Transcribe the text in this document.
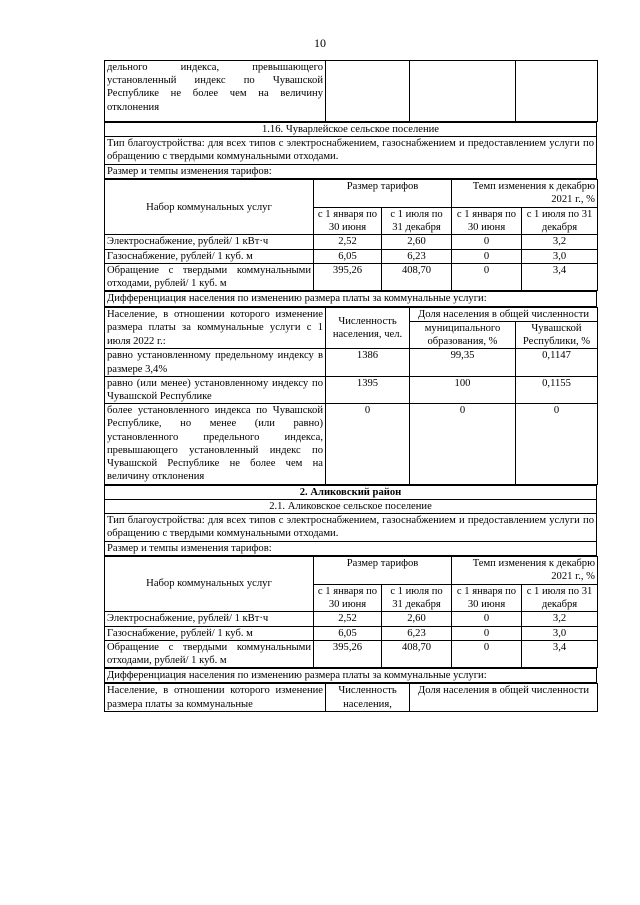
10
дельного индекса, превышающего установленный индекс по Чувашской Республике не более чем на величину отклонения			
1.16. Чуварлейское сельское поселение
Тип благоустройства: для всех типов с электроснабжением, газоснабжением и предоставлением услуги по обращению с твердыми коммунальными отходами.
Размер и темпы изменения тарифов:
Набор коммунальных услуг	Размер тарифов		Темп изменения к декабрю 2021 г., %	
	с 1 января по 30 июня	с 1 июля по 31 декабря	с 1 января по 30 июня	с 1 июля по 31 декабря
Электроснабжение, рублей/ 1 кВт·ч	2,52	2,60	0	3,2
Газоснабжение, рублей/ 1 куб. м	6,05	6,23	0	3,0
Обращение с твердыми коммунальными отходами, рублей/ 1 куб. м	395,26	408,70	0	3,4
Дифференциация населения по изменению размера платы за коммунальные услуги:
Население, в отношении которого изменение размера платы за коммунальные услуги с 1 июля 2022 г.:	Численность населения, чел.	Доля населения в общей численности	
		муниципального образования, %	Чувашской Республики, %
равно установленному предельному индексу в размере 3,4%	1386	99,35	0,1147
равно (или менее) установленному индексу по Чувашской Республике	1395	100	0,1155
более установленного индекса по Чувашской Республике, но менее (или равно) установленного предельного индекса, превышающего установленный индекс по Чувашской Республике не более чем на величину отклонения	0	0	0
2. Аликовский район
2.1. Аликовское сельское поселение
Тип благоустройства: для всех типов с электроснабжением, газоснабжением и предоставлением услуги по обращению с твердыми коммунальными отходами.
Размер и темпы изменения тарифов:
Набор коммунальных услуг	Размер тарифов		Темп изменения к декабрю 2021 г., %	
	с 1 января по 30 июня	с 1 июля по 31 декабря	с 1 января по 30 июня	с 1 июля по 31 декабря
Электроснабжение, рублей/ 1 кВт·ч	2,52	2,60	0	3,2
Газоснабжение, рублей/ 1 куб. м	6,05	6,23	0	3,0
Обращение с твердыми коммунальными отходами, рублей/ 1 куб. м	395,26	408,70	0	3,4
Дифференциация населения по изменению размера платы за коммунальные услуги:
Население, в отношении которого изменение размера платы за коммунальные	Численность населения,	Доля населения в общей численности
